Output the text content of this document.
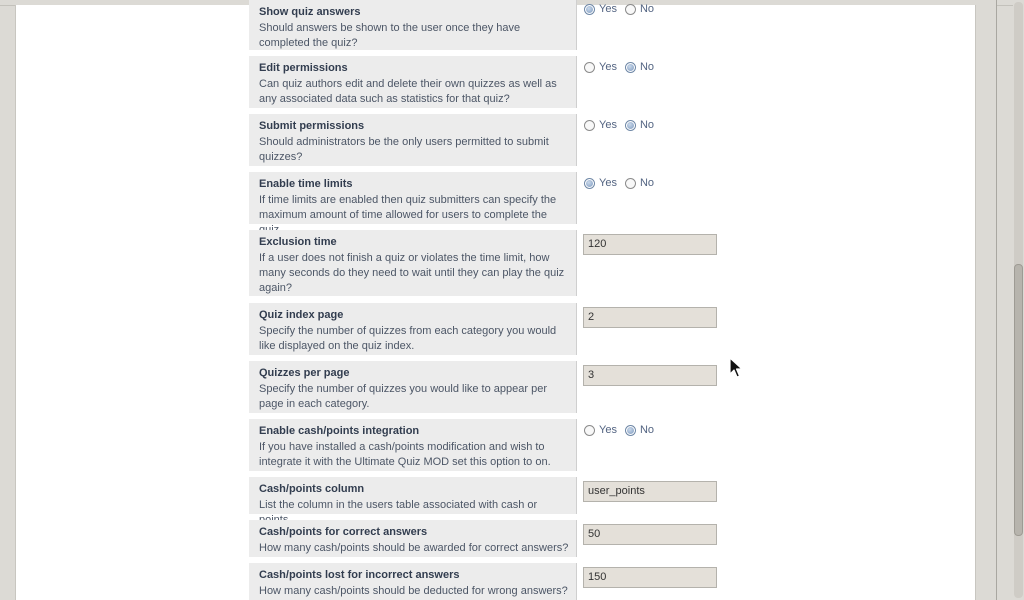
Show quiz answers
Should answers be shown to the user once they have completed the quiz?
Yes No
Edit permissions
Can quiz authors edit and delete their own quizzes as well as any associated data such as statistics for that quiz?
Yes No
Submit permissions
Should administrators be the only users permitted to submit quizzes?
Yes No
Enable time limits
If time limits are enabled then quiz submitters can specify the maximum amount of time allowed for users to complete the
Yes No
Exclusion time
If a user does not finish a quiz or violates the time limit, how many seconds do they need to wait until they can play the quiz again?
120
Quiz index page
Specify the number of quizzes from each category you would like displayed on the quiz index.
2
Quizzes per page
Specify the number of quizzes you would like to appear per page in each category.
3
Enable cash/points integration
If you have installed a cash/points modification and wish to integrate it with the Ultimate Quiz MOD set this option to on.
Yes No
Cash/points column
List the column in the users table associated with cash or
user_points
Cash/points for correct answers
How many cash/points should be awarded for correct answers?
50
Cash/points lost for incorrect answers
How many cash/points should be deducted for wrong answers?
150
